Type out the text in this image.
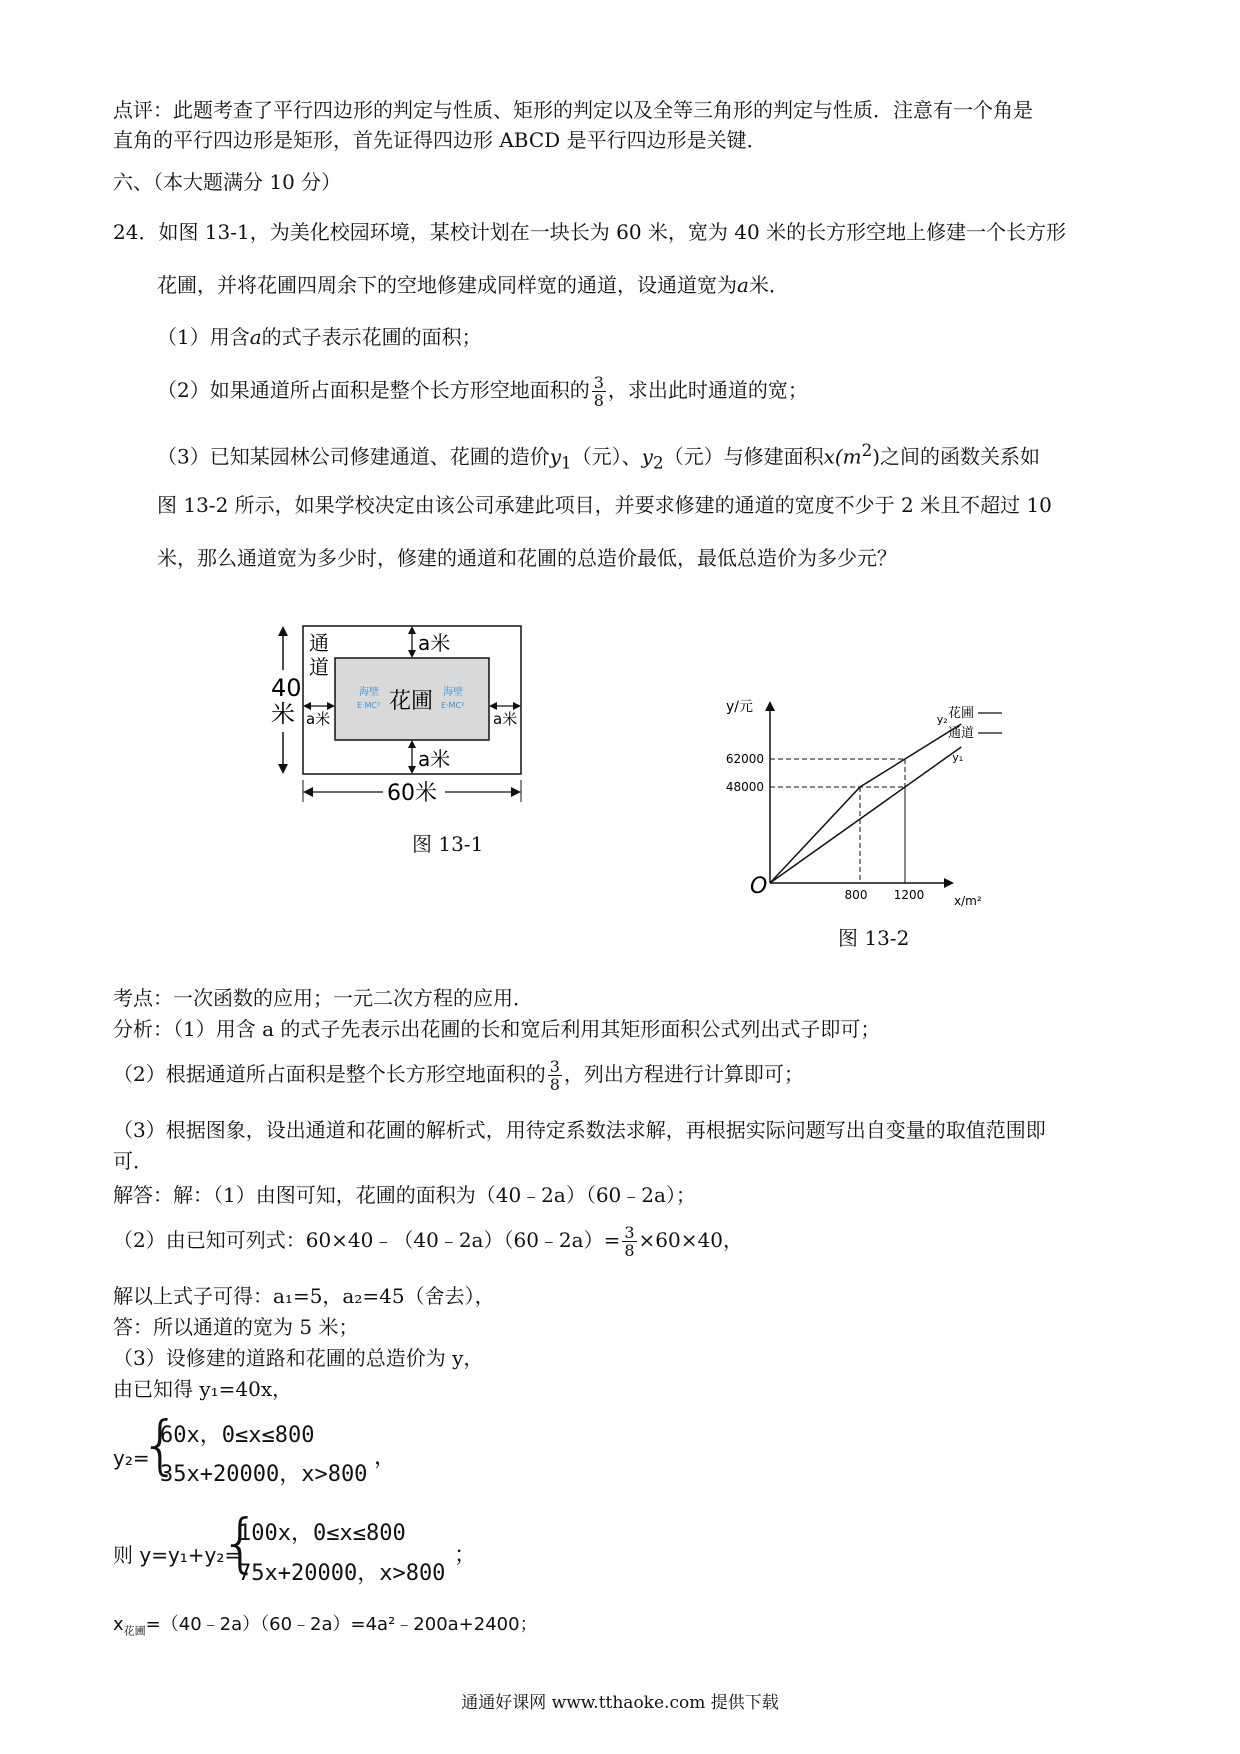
点评：此题考查了平行四边形的判定与性质、矩形的判定以及全等三角形的判定与性质．注意有一个角是
直角的平行四边形是矩形，首先证得四边形 ABCD 是平行四边形是关键．
六、（本大题满分 10 分）
24．如图 13-1，为美化校园环境，某校计划在一块长为 60 米，宽为 40 米的长方形空地上修建一个长方形
花圃，并将花圃四周余下的空地修建成同样宽的通道，设通道宽为a米．
（1）用含a的式子表示花圃的面积；
（2）如果通道所占面积是整个长方形空地面积的 $\frac{3}{8}$ ，求出此时通道的宽；
（3）已知某园林公司修建通道、花圃的造价$y_1$（元）、$y_2$（元）与修建面积$x(m^2)$之间的函数关系如
图 13-2 所示，如果学校决定由该公司承建此项目，并要求修建的通道的宽度不少于 2 米且不超过 10
米，那么通道宽为多少时，修建的通道和花圃的总造价最低，最低总造价为多少元？
40
米
通
道
a米
a米
a米	a米
花圃
海壁
E·MC²
海壁
E·MC²
60米
图 13-1
48000
62000
800 1200
y₂
y₁
y/元
x/m²
O
花圃
通道
图 13-2
考点：一次函数的应用；一元二次方程的应用．
分析：（1）用含 a 的式子先表示出花圃的长和宽后利用其矩形面积公式列出式子即可；
（2）根据通道所占面积是整个长方形空地面积的 $\frac{3}{8}$ ，列出方程进行计算即可；
（3）根据图象，设出通道和花圃的解析式，用待定系数法求解，再根据实际问题写出自变量的取值范围即
可．
解答：解：（1）由图可知，花圃的面积为（40﹣2a）（60﹣2a）；
（2）由已知可列式：60×40﹣（40﹣2a）（60﹣2a）= $\frac{3}{8} \times 60\times 40$，
解以上式子可得：a₁=5，a₂=45（舍去），
答：所以通道的宽为 5 米；
（3）设修建的道路和花圃的总造价为 y，
由已知得 y₁=40x，
y₂=
{
60x，0≤x≤800
35x+20000，x>800
，
则 y=y₁+y₂=
{
100x，0≤x≤800
75x+20000，x>800
；
$x_{花圃}=(40﹣2a)(60﹣2a)=4a^2﹣200a+2400$；
通通好课网 www.tthaoke.com 提供下载
